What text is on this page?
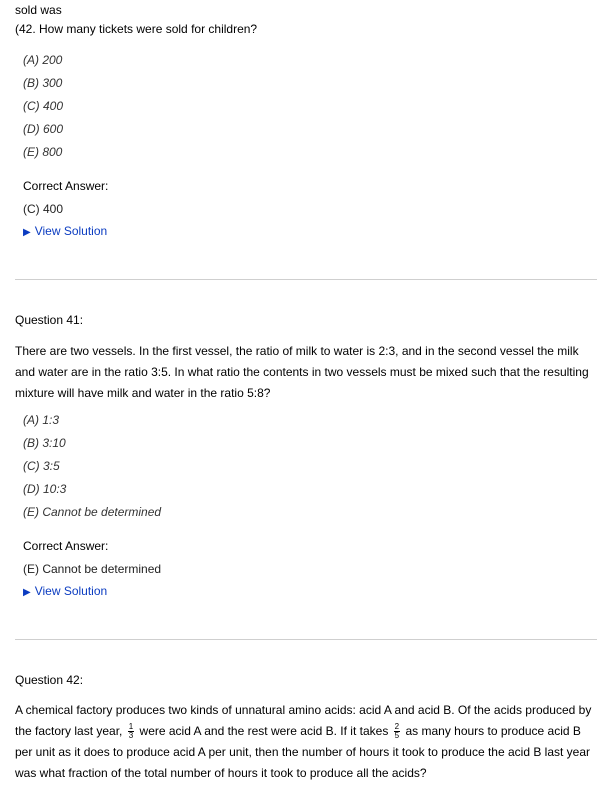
sold was
(42. How many tickets were sold for children?
(A) 200
(B) 300
(C) 400
(D) 600
(E) 800
Correct Answer:
(C) 400
▶ View Solution
Question 41:
There are two vessels. In the first vessel, the ratio of milk to water is 2:3, and in the second vessel the milk and water are in the ratio 3:5. In what ratio the contents in two vessels must be mixed such that the resulting mixture will have milk and water in the ratio 5:8?
(A) 1:3
(B) 3:10
(C) 3:5
(D) 10:3
(E) Cannot be determined
Correct Answer:
(E) Cannot be determined
▶ View Solution
Question 42:
A chemical factory produces two kinds of unnatural amino acids: acid A and acid B. Of the acids produced by the factory last year, $\frac{1}{3}$ were acid A and the rest were acid B. If it takes $\frac{2}{5}$ as many hours to produce acid B per unit as it does to produce acid A per unit, then the number of hours it took to produce the acid B last year was what fraction of the total number of hours it took to produce all the acids?
